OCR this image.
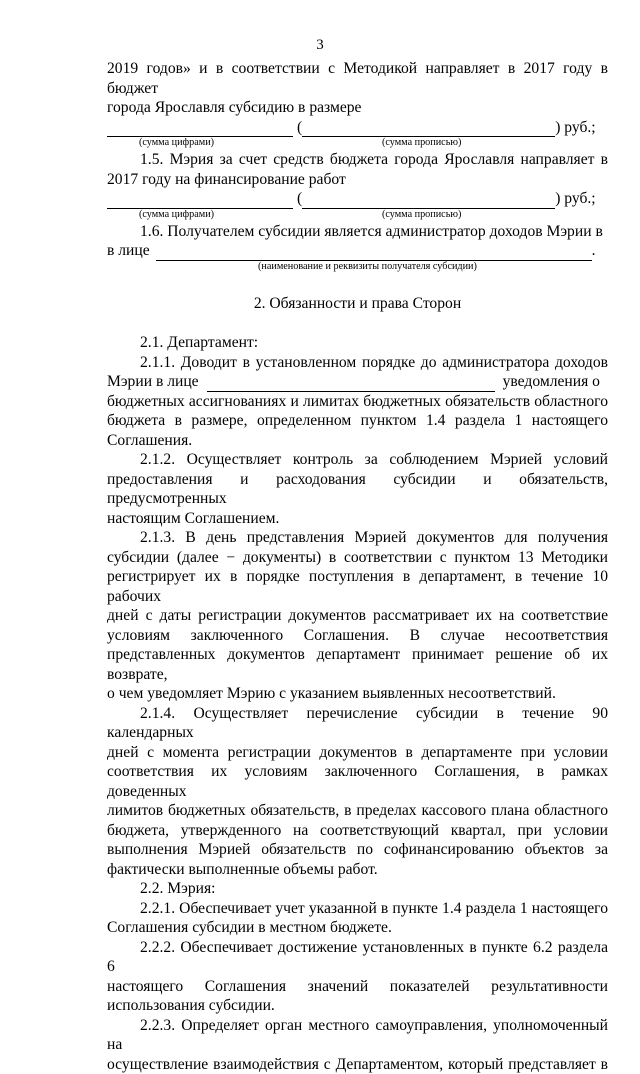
3

2019 годов» и в соответствии с Методикой направляет в 2017 году в бюджет

города Ярославля субсидию в размере

(	) руб.;
(сумма цифрами)	(сумма прописью)

1.5. Мэрия за счет средств бюджета города Ярославля направляет в

2017 году на финансирование работ

(	) руб.;
(сумма цифрами)	(сумма прописью)

1.6. Получателем субсидии является администратор доходов Мэрии в

в лице	.
(наименование и реквизиты получателя субсидии)

2. Обязанности и права Сторон

2.1. Департамент:

2.1.1. Доводит в установленном порядке до администратора доходов

Мэрии в лице	уведомления о

бюджетных ассигнованиях и лимитах бюджетных обязательств областного

бюджета в размере, определенном пунктом 1.4 раздела 1 настоящего

Соглашения.

2.1.2. Осуществляет контроль за соблюдением Мэрией условий

предоставления и расходования субсидии и обязательств, предусмотренных

настоящим Соглашением.

2.1.3. В день представления Мэрией документов для получения

субсидии (далее − документы) в соответствии с пунктом 13 Методики

регистрирует их в порядке поступления в департамент, в течение 10 рабочих

дней с даты регистрации документов рассматривает их на соответствие

условиям заключенного Соглашения. В случае несоответствия

представленных документов департамент принимает решение об их возврате,

о чем уведомляет Мэрию с указанием выявленных несоответствий.

2.1.4. Осуществляет перечисление субсидии в течение 90 календарных

дней с момента регистрации документов в департаменте при условии

соответствия их условиям заключенного Соглашения, в рамках доведенных

лимитов бюджетных обязательств, в пределах кассового плана областного

бюджета, утвержденного на соответствующий квартал, при условии

выполнения Мэрией обязательств по софинансированию объектов за

фактически выполненные объемы работ.

2.2. Мэрия:

2.2.1. Обеспечивает учет указанной в пункте 1.4 раздела 1 настоящего

Соглашения субсидии в местном бюджете.

2.2.2. Обеспечивает достижение установленных в пункте 6.2 раздела 6

настоящего Соглашения значений показателей результативности

использования субсидии.

2.2.3. Определяет орган местного самоуправления, уполномоченный на

осуществление взаимодействия с Департаментом, который представляет в
